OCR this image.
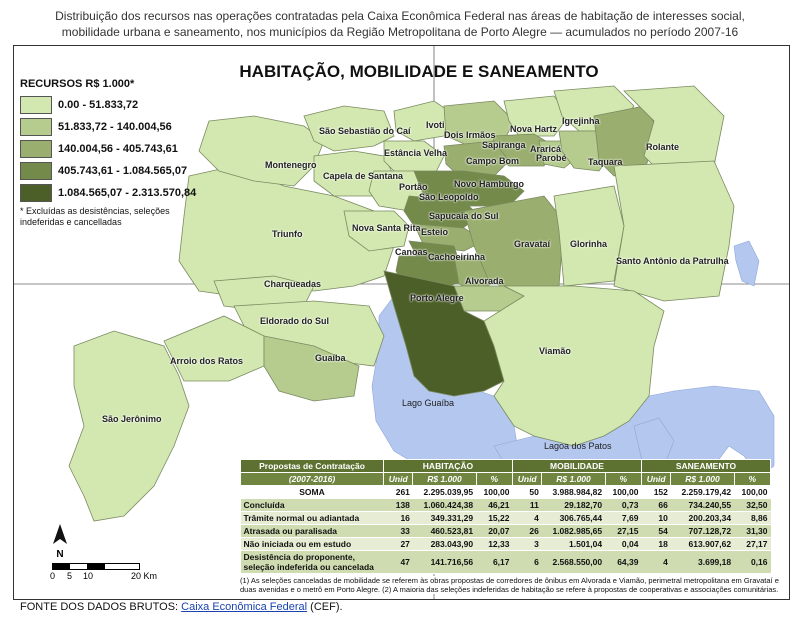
Distribuição dos recursos nas operações contratadas pela Caixa Econômica Federal nas áreas de habitação de interesses social,
mobilidade urbana e saneamento, nos municípios da Região Metropolitana de Porto Alegre — acumulados no período 2007-16
HABITAÇÃO, MOBILIDADE E SANEAMENTO
RECURSOS R$ 1.000*
0.00 - 51.833,72
51.833,72 - 140.004,56
140.004,56 - 405.743,61
405.743,61 - 1.084.565,07
1.084.565,07 - 2.313.570,84
* Excluídas as desistências, seleções indeferidas e cancelladas
Igrejinha
São Sebastião do Caí
Ivoti
Dois Irmãos
Nova Hartz
Sapiranga Araricá
Estância Velha	Parobé
Campo Bom	Taquara
Rolante
Montenegro
Capela de Santana
Novo Hamburgo
Portão
São Leopoldo
Sapucaia do Sul
Nova Santa Rita Esteio
Triunfo
Gravataí Glorinha
Canoas Cachoeirinha	Santo Antônio da Patrulha
Charqueadas	Alvorada
Porto Alegre
Eldorado do Sul
Guaíba
Viamão
Arroio dos Ratos
São Jerônimo
Lago Guaíba
Lagoa dos Patos
N
0 5 10	20 Km
Propostas de Contratação	HABITAÇÃO			MOBILIDADE			SANEAMENTO		
(2007-2016)	Unid	R$ 1.000	%	Unid	R$ 1.000	%	Unid	R$ 1.000	%
SOMA	261	2.295.039,95	100,00	50	3.988.984,82	100,00	152	2.259.179,42	100,00
Concluída	138	1.060.424,38	46,21	11	29.182,70	0,73	66	734.240,55	32,50
Trâmite normal ou adiantada	16	349.331,29	15,22	4	306.765,44	7,69	10	200.203,34	8,86
Atrasada ou paralisada	33	460.523,81	20,07	26	1.082.985,65	27,15	54	707.128,72	31,30
Não iniciada ou em estudo	27	283.043,90	12,33	3	1.501,04	0,04	18	613.907,62	27,17
Desistência do proponente, seleção indeferida ou cancelada	47	141.716,56	6,17	6	2.568.550,00	64,39	4	3.699,18	0,16
(1) As seleções canceladas de mobilidade se referem às obras propostas de corredores de ônibus em Alvorada e Viamão, perimetral metropolitana em Gravataí e duas avenidas e o metrô em Porto Alegre. (2) A maioria das seleções indeferidas de habitação se refere à propostas de cooperativas e associações comunitárias.
FONTE DOS DADOS BRUTOS: Caixa Econômica Federal (CEF).
